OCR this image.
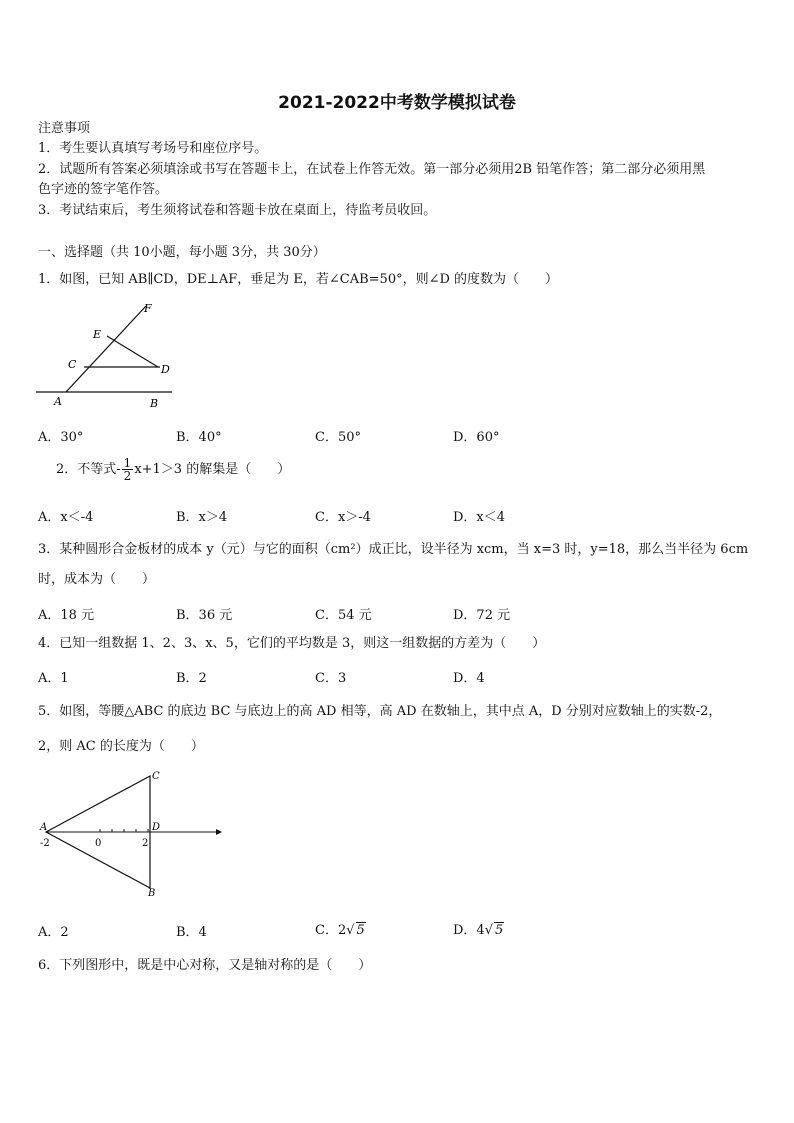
2021-2022中考数学模拟试卷
注意事项
1．考生要认真填写考场号和座位序号。
2．试题所有答案必须填涂或书写在答题卡上，在试卷上作答无效。第一部分必须用2B 铅笔作答；第二部分必须用黑
色字迹的签字笔作答。
3．考试结束后，考生须将试卷和答题卡放在桌面上，待监考员收回。
一、选择题（共 10小题，每小题 3分，共 30分）
1．如图，已知 AB∥CD，DE⊥AF，垂足为 E，若∠CAB=50°，则∠D 的度数为（　　）
F
E
C	D
A	B
A．30°	B．40°	C．50°	D．60°
2．不等式- $\frac{1}{2} x+1>3$ 的解集是（　　）
A．x＜-4	B．x＞4	C．x＞-4	D．x＜4
3．某种圆形合金板材的成本 y（元）与它的面积（cm²）成正比，设半径为 xcm，当 x=3 时，y=18，那么当半径为 6cm
时，成本为（　　）
A．18 元	B．36 元	C．54 元	D．72 元
4．已知一组数据 1、2、3、x、5，它们的平均数是 3，则这一组数据的方差为（　　）
A．1	B．2	C．3	D．4
5．如图，等腰△ABC 的底边 BC 与底边上的高 AD 相等，高 AD 在数轴上，其中点 A，D 分别对应数轴上的实数-2，
2，则 AC 的长度为（　　）
A
-2	0	2
C
D
B
A．2	B．4	C．2√ 5	D．4√ 5
6．下列图形中，既是中心对称，又是轴对称的是（　　）
